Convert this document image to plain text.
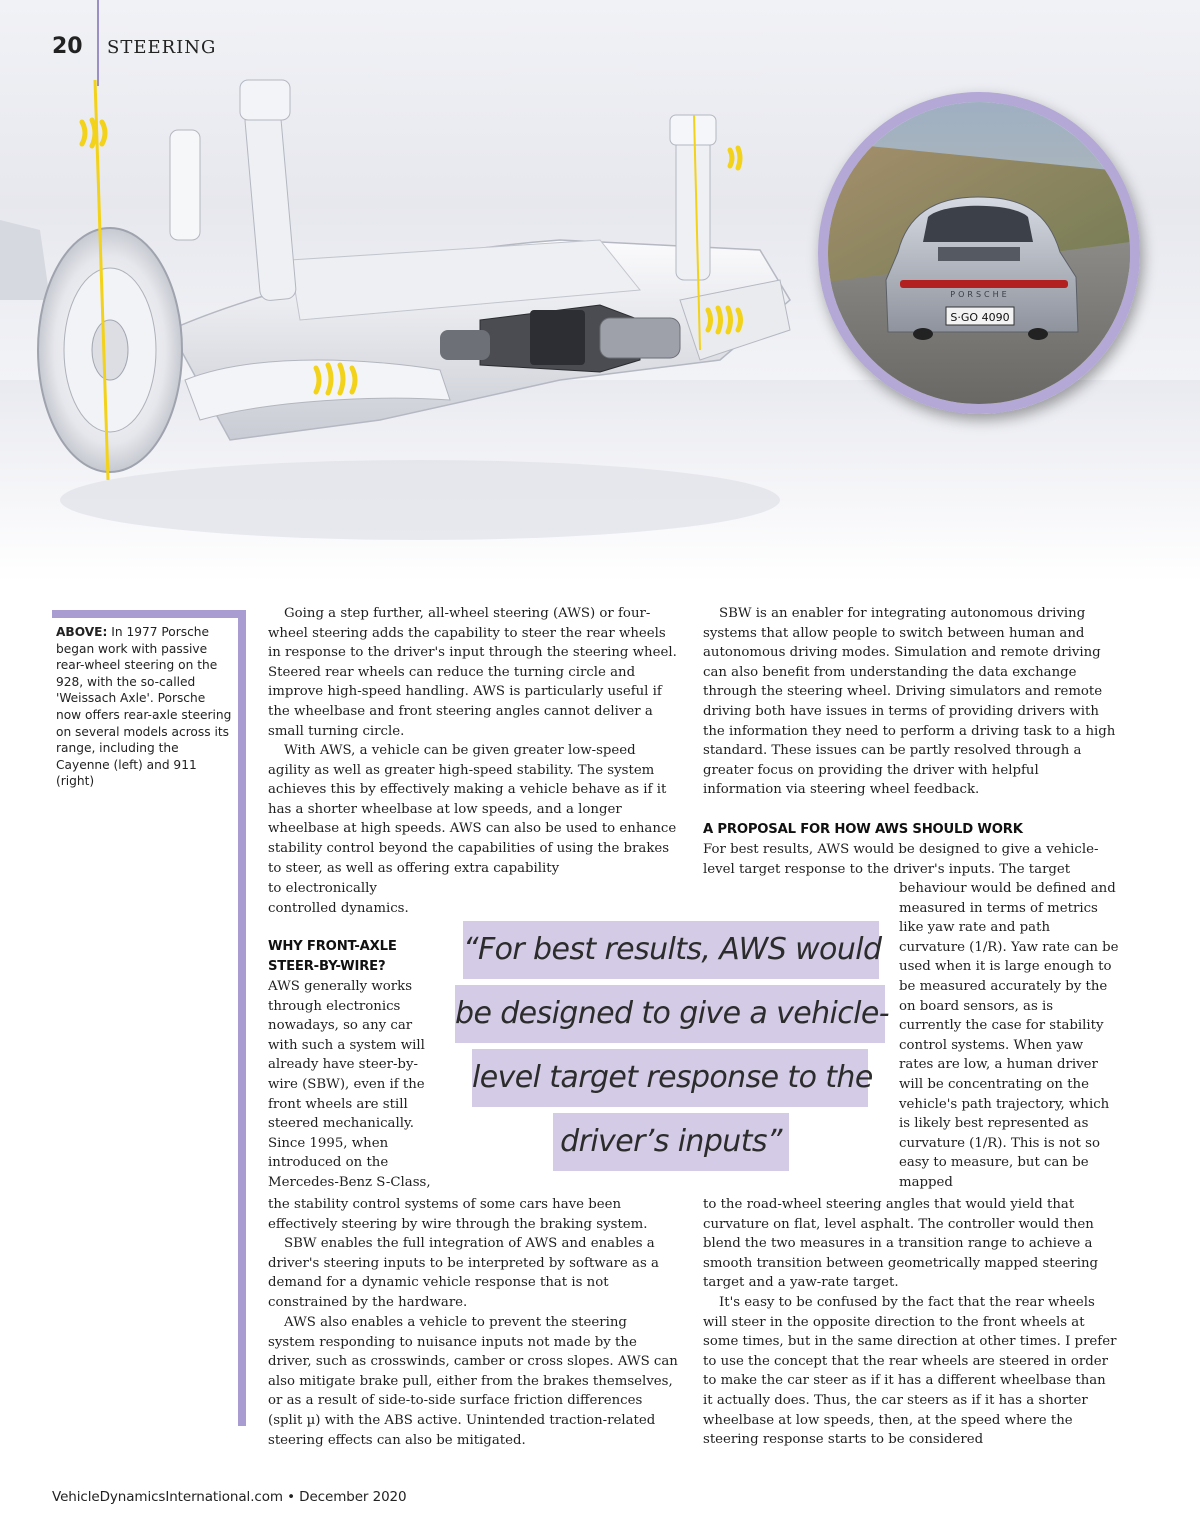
S·GO 4090
PORSCHE
20 STEERING
ABOVE: In 1977 Porsche began work with passive rear-wheel steering on the 928, with the so-called 'Weissach Axle'. Porsche now offers rear-axle steering on several models across its range, including the Cayenne (left) and 911 (right)

Going a step further, all-wheel steering (AWS) or four-wheel steering adds the capability to steer the rear wheels in response to the driver's input through the steering wheel. Steered rear wheels can reduce the turning circle and improve high-speed handling. AWS is particularly useful if the wheelbase and front steering angles cannot deliver a small turning circle.

With AWS, a vehicle can be given greater low-speed agility as well as greater high-speed stability. The system achieves this by effectively making a vehicle behave as if it has a shorter wheelbase at low speeds, and a longer wheelbase at high speeds. AWS can also be used to enhance stability control beyond the capabilities of using the brakes to steer, as well as offering extra capability

to electronically controlled dynamics.

WHY FRONT-AXLE STEER-BY-WIRE?

AWS generally works through electronics nowadays, so any car with such a system will already have steer-by-wire (SBW), even if the front wheels are still steered mechanically. Since 1995, when introduced on the Mercedes-Benz S-Class,

the stability control systems of some cars have been effectively steering by wire through the braking system.

SBW enables the full integration of AWS and enables a driver's steering inputs to be interpreted by software as a demand for a dynamic vehicle response that is not constrained by the hardware.

AWS also enables a vehicle to prevent the steering system responding to nuisance inputs not made by the driver, such as crosswinds, camber or cross slopes. AWS can also mitigate brake pull, either from the brakes themselves, or as a result of side-to-side surface friction differences (split µ) with the ABS active. Unintended traction-related steering effects can also be mitigated.

SBW is an enabler for integrating autonomous driving systems that allow people to switch between human and autonomous driving modes. Simulation and remote driving can also benefit from understanding the data exchange through the steering wheel. Driving simulators and remote driving both have issues in terms of providing drivers with the information they need to perform a driving task to a high standard. These issues can be partly resolved through a greater focus on providing the driver with helpful information via steering wheel feedback.

A PROPOSAL FOR HOW AWS SHOULD WORK

For best results, AWS would be designed to give a vehicle-level target response to the driver's inputs. The target

behaviour would be defined and measured in terms of metrics like yaw rate and path curvature (1/R). Yaw rate can be used when it is large enough to be measured accurately by the on board sensors, as is currently the case for stability control systems. When yaw rates are low, a human driver will be concentrating on the vehicle's path trajectory, which is likely best represented as curvature (1/R). This is not so easy to measure, but can be mapped

to the road-wheel steering angles that would yield that curvature on flat, level asphalt. The controller would then blend the two measures in a transition range to achieve a smooth transition between geometrically mapped steering target and a yaw-rate target.

It's easy to be confused by the fact that the rear wheels will steer in the opposite direction to the front wheels at some times, but in the same direction at other times. I prefer to use the concept that the rear wheels are steered in order to make the car steer as if it has a different wheelbase than it actually does. Thus, the car steers as if it has a shorter wheelbase at low speeds, then, at the speed where the steering response starts to be considered

“For best results, AWS would
be designed to give a vehicle-
level target response to the
driver’s inputs”
VehicleDynamicsInternational.com • December 2020
